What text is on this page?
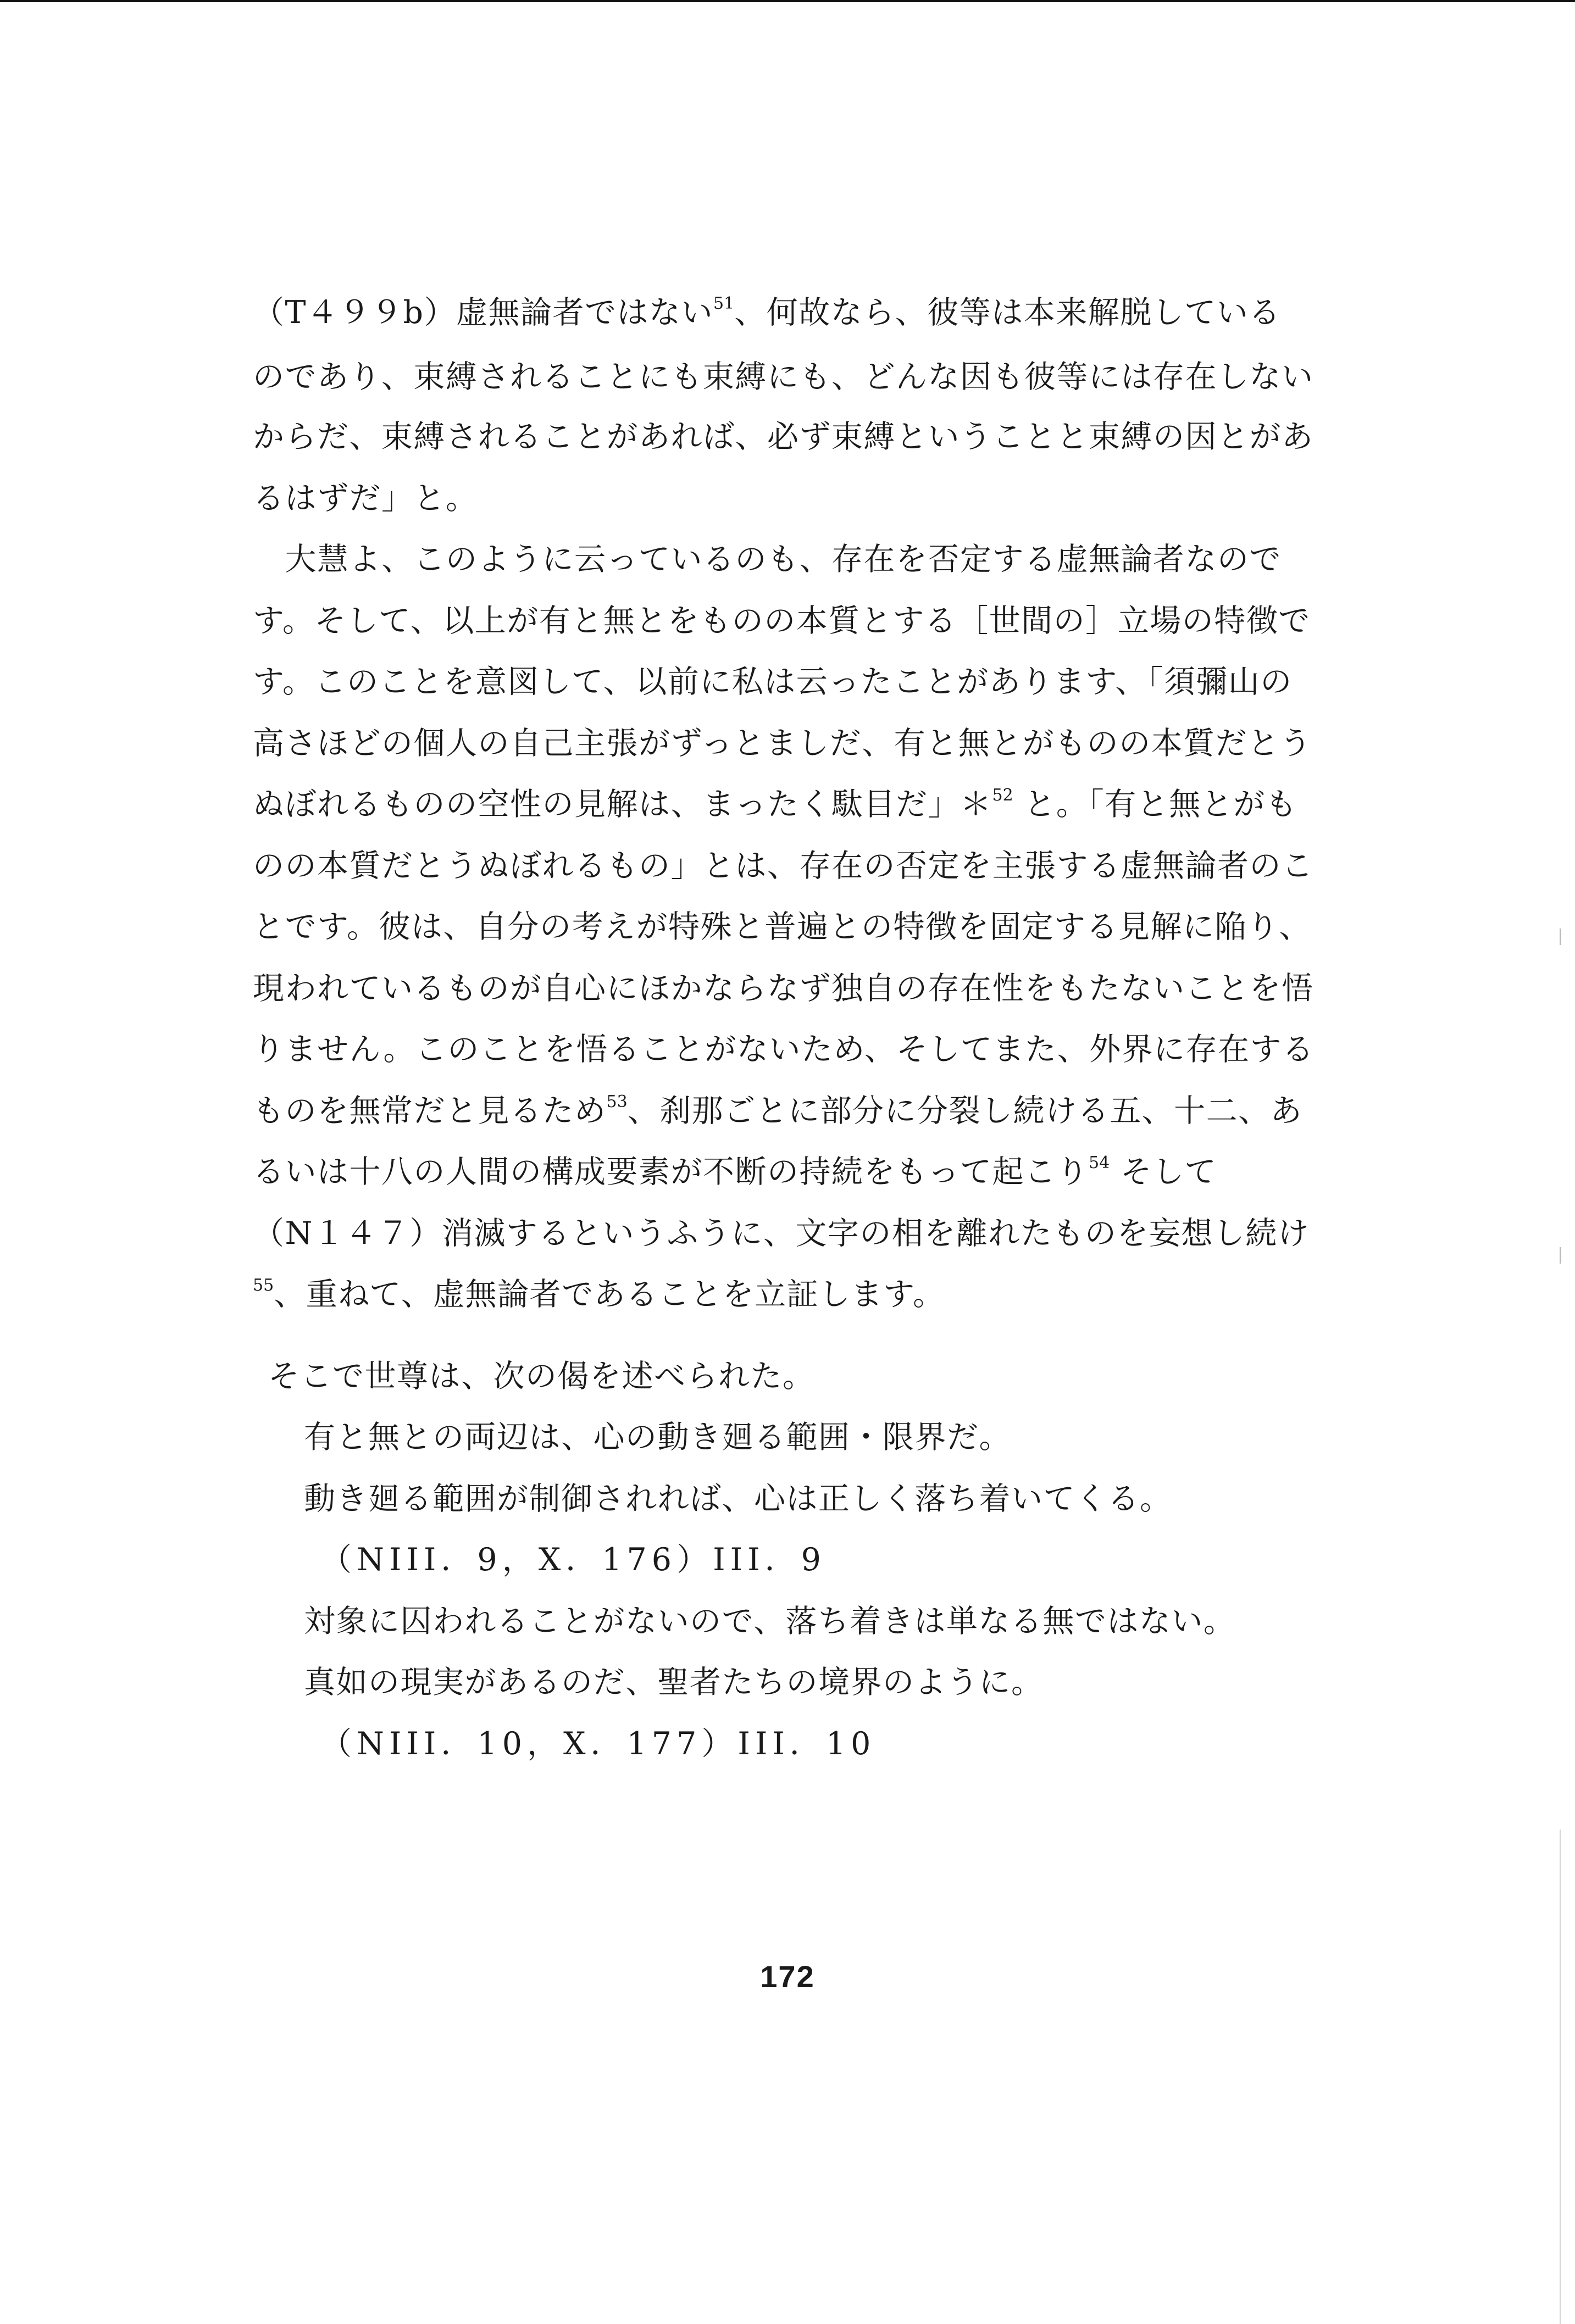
（T４９９b）虚無論者ではない$^{51}$、何故なら、彼等は本来解脱している
のであり、束縛されることにも束縛にも、どんな因も彼等には存在しない
からだ、束縛されることがあれば、必ず束縛ということと束縛の因とがあ
るはずだ」と。
　大慧よ、このように云っているのも、存在を否定する虚無論者なので
す。そして、以上が有と無とをものの本質とする［世間の］立場の特徴で
す。このことを意図して、以前に私は云ったことがあります、「須彌山の
高さほどの個人の自己主張がずっとましだ、有と無とがものの本質だとう
ぬぼれるものの空性の見解は、まったく駄目だ」＊$^{52}$ と。「有と無とがも
のの本質だとうぬぼれるもの」とは、存在の否定を主張する虚無論者のこ
とです。彼は、自分の考えが特殊と普遍との特徴を固定する見解に陥り、
現われているものが自心にほかならなず独自の存在性をもたないことを悟
りません。このことを悟ることがないため、そしてまた、外界に存在する
ものを無常だと見るため$^{53}$、刹那ごとに部分に分裂し続ける五、十二、あ
るいは十八の人間の構成要素が不断の持続をもって起こり$^{54}$ そして
（N１４７）消滅するというふうに、文字の相を離れたものを妄想し続け
$^{55}$、重ねて、虚無論者であることを立証します。
そこで世尊は、次の偈を述べられた。
有と無との両辺は、心の動き廻る範囲・限界だ。
動き廻る範囲が制御されれば、心は正しく落ち着いてくる。
（NIII．9，X．176）III．9
対象に囚われることがないので、落ち着きは単なる無ではない。
真如の現実があるのだ、聖者たちの境界のように。
（NIII．10，X．177）III．10
172
